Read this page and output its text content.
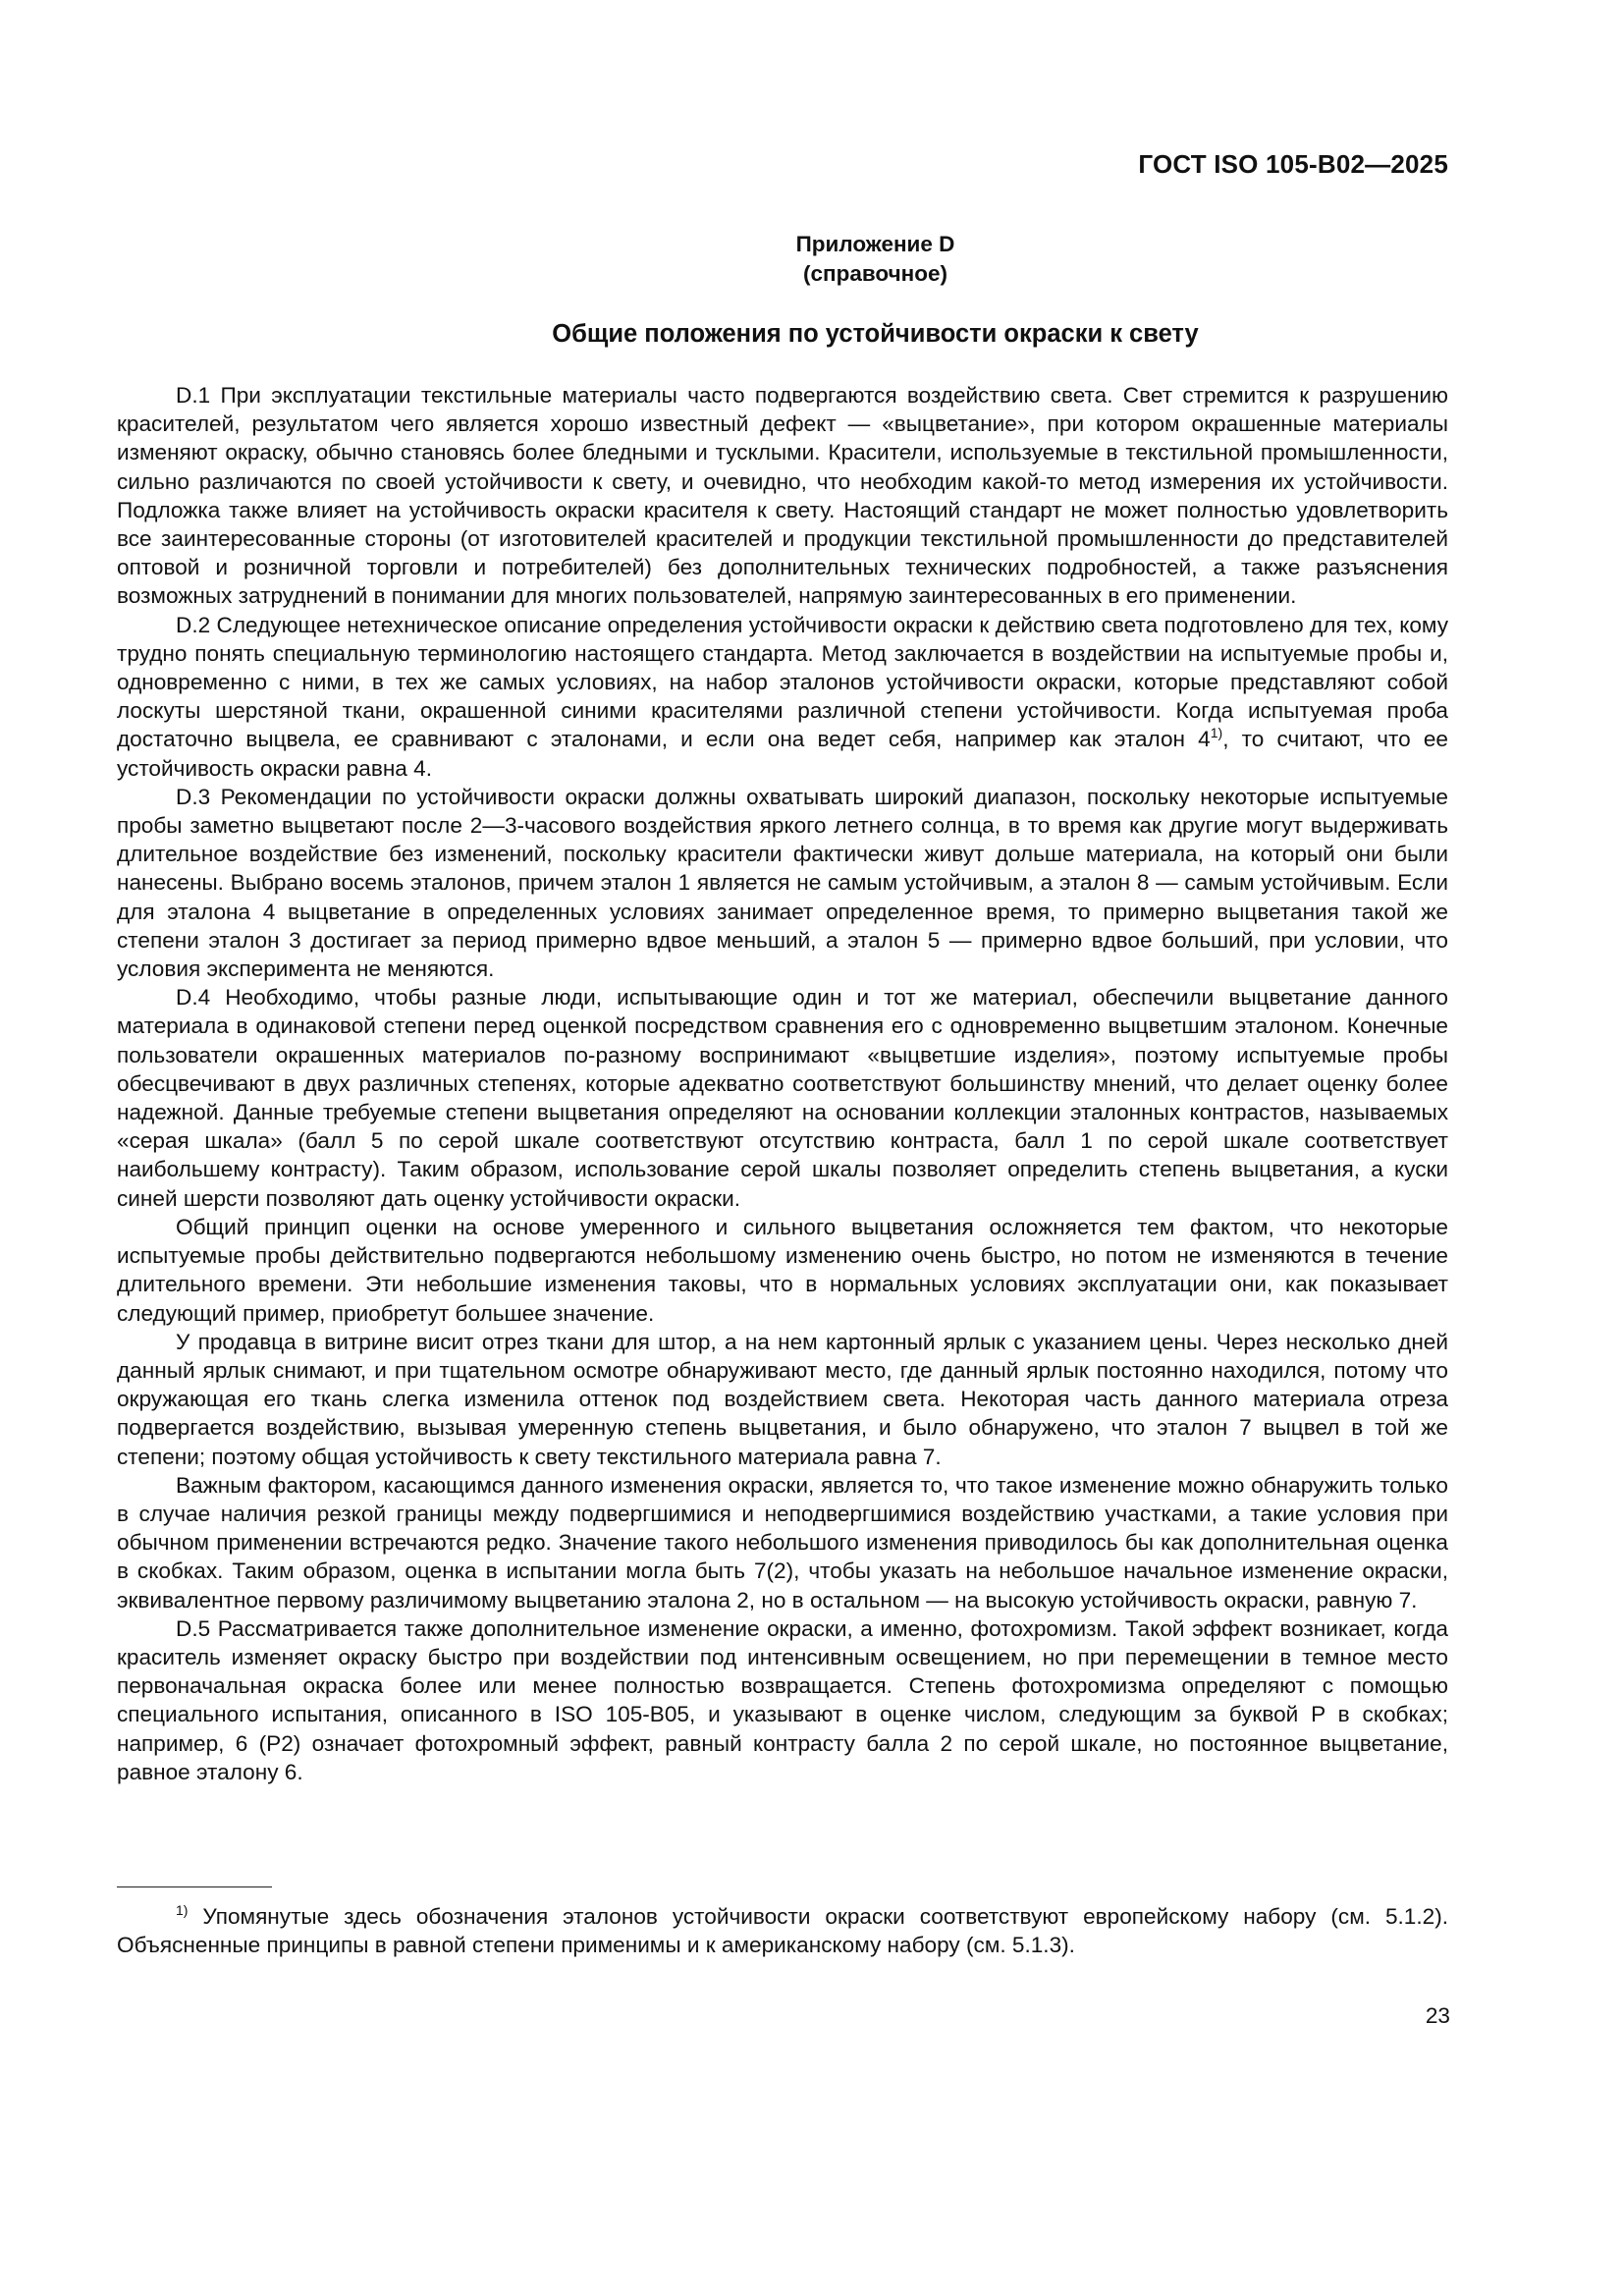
ГОСТ ISO 105-B02—2025
Приложение D
(справочное)
Общие положения по устойчивости окраски к свету

D.1 При эксплуатации текстильные материалы часто подвергаются воздействию света. Свет стремится к разрушению красителей, результатом чего является хорошо известный дефект — «выцветание», при котором окрашенные материалы изменяют окраску, обычно становясь более бледными и тусклыми. Красители, используемые в текстильной промышленности, сильно различаются по своей устойчивости к свету, и очевидно, что необходим какой-то метод измерения их устойчивости. Подложка также влияет на устойчивость окраски красителя к свету. Настоящий стандарт не может полностью удовлетворить все заинтересованные стороны (от изготовителей красителей и продукции текстильной промышленности до представителей оптовой и розничной торговли и потребителей) без дополнительных технических подробностей, а также разъяснения возможных затруднений в понимании для многих пользователей, напрямую заинтересованных в его применении.

D.2 Следующее нетехническое описание определения устойчивости окраски к действию света подготовлено для тех, кому трудно понять специальную терминологию настоящего стандарта. Метод заключается в воздействии на испытуемые пробы и, одновременно с ними, в тех же самых условиях, на набор эталонов устойчивости окраски, которые представляют собой лоскуты шерстяной ткани, окрашенной синими красителями различной степени устойчивости. Когда испытуемая проба достаточно выцвела, ее сравнивают с эталонами, и если она ведет себя, например как эталон 4$^{1)}$, то считают, что ее устойчивость окраски равна 4.

D.3 Рекомендации по устойчивости окраски должны охватывать широкий диапазон, поскольку некоторые испытуемые пробы заметно выцветают после 2—3-часового воздействия яркого летнего солнца, в то время как другие могут выдерживать длительное воздействие без изменений, поскольку красители фактически живут дольше материала, на который они были нанесены. Выбрано восемь эталонов, причем эталон 1 является не самым устойчивым, а эталон 8 — самым устойчивым. Если для эталона 4 выцветание в определенных условиях занимает определенное время, то примерно выцветания такой же степени эталон 3 достигает за период примерно вдвое меньший, а эталон 5 — примерно вдвое больший, при условии, что условия эксперимента не меняются.

D.4 Необходимо, чтобы разные люди, испытывающие один и тот же материал, обеспечили выцветание данного материала в одинаковой степени перед оценкой посредством сравнения его с одновременно выцветшим эталоном. Конечные пользователи окрашенных материалов по-разному воспринимают «выцветшие изделия», поэтому испытуемые пробы обесцвечивают в двух различных степенях, которые адекватно соответствуют большинству мнений, что делает оценку более надежной. Данные требуемые степени выцветания определяют на основании коллекции эталонных контрастов, называемых «серая шкала» (балл 5 по серой шкале соответствуют отсутствию контраста, балл 1 по серой шкале соответствует наибольшему контрасту). Таким образом, использование серой шкалы позволяет определить степень выцветания, а куски синей шерсти позволяют дать оценку устойчивости окраски.

Общий принцип оценки на основе умеренного и сильного выцветания осложняется тем фактом, что некоторые испытуемые пробы действительно подвергаются небольшому изменению очень быстро, но потом не изменяются в течение длительного времени. Эти небольшие изменения таковы, что в нормальных условиях эксплуатации они, как показывает следующий пример, приобретут большее значение.

У продавца в витрине висит отрез ткани для штор, а на нем картонный ярлык с указанием цены. Через несколько дней данный ярлык снимают, и при тщательном осмотре обнаруживают место, где данный ярлык постоянно находился, потому что окружающая его ткань слегка изменила оттенок под воздействием света. Некоторая часть данного материала отреза подвергается воздействию, вызывая умеренную степень выцветания, и было обнаружено, что эталон 7 выцвел в той же степени; поэтому общая устойчивость к свету текстильного материала равна 7.

Важным фактором, касающимся данного изменения окраски, является то, что такое изменение можно обнаружить только в случае наличия резкой границы между подвергшимися и неподвергшимися воздействию участками, а такие условия при обычном применении встречаются редко. Значение такого небольшого изменения приводилось бы как дополнительная оценка в скобках. Таким образом, оценка в испытании могла быть 7(2), чтобы указать на небольшое начальное изменение окраски, эквивалентное первому различимому выцветанию эталона 2, но в остальном — на высокую устойчивость окраски, равную 7.

D.5 Рассматривается также дополнительное изменение окраски, а именно, фотохромизм. Такой эффект возникает, когда краситель изменяет окраску быстро при воздействии под интенсивным освещением, но при перемещении в темное место первоначальная окраска более или менее полностью возвращается. Степень фотохромизма определяют с помощью специального испытания, описанного в ISO 105-B05, и указывают в оценке числом, следующим за буквой P в скобках; например, 6 (P2) означает фотохромный эффект, равный контрасту балла 2 по серой шкале, но постоянное выцветание, равное эталону 6.

$^{1)}$ Упомянутые здесь обозначения эталонов устойчивости окраски соответствуют европейскому набору (см. 5.1.2). Объясненные принципы в равной степени применимы и к американскому набору (см. 5.1.3).

23
